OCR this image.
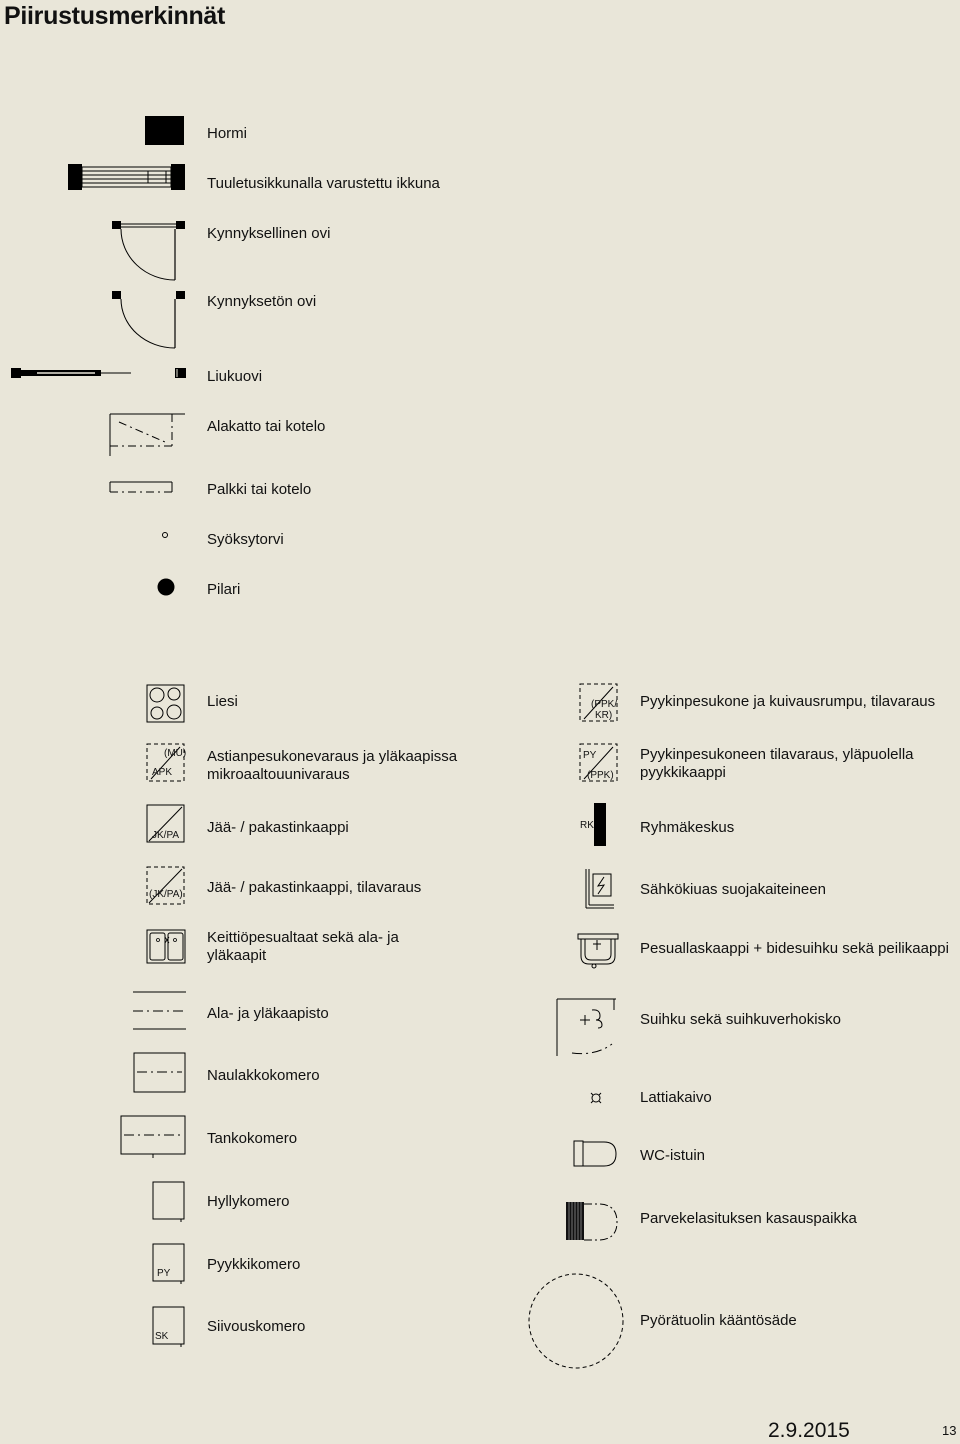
Piirustusmerkinnät
(MU)
APK
JK/PA
(JK/PA)
PY
SK
Hormi
Tuuletusikkunalla varustettu ikkuna
Kynnyksellinen ovi
Kynnyksetön ovi
Liukuovi
Alakatto tai kotelo
Palkki tai kotelo
Syöksytorvi
Pilari
Liesi
Astianpesukonevaraus ja yläkaapissa mikroaaltouunivaraus
Jää- / pakastinkaappi
Jää- / pakastinkaappi, tilavaraus
Keittiöpesualtaat sekä ala- ja yläkaapit
Ala- ja yläkaapisto
Naulakkokomero
Tankokomero
Hyllykomero
Pyykkikomero
Siivouskomero
(PPK/
KR)
PY
(PPK)
RK
Pyykinpesukone ja kuivausrumpu, tilavaraus
Pyykinpesukoneen tilavaraus, yläpuolella pyykkikaappi
Ryhmäkeskus
Sähkökiuas suojakaiteineen
Pesuallaskaappi + bidesuihku sekä peilikaappi
Suihku sekä suihkuverhokisko
Lattiakaivo
WC-istuin
Parvekelasituksen kasauspaikka
Pyörätuolin kääntösäde
2.9.2015	13
